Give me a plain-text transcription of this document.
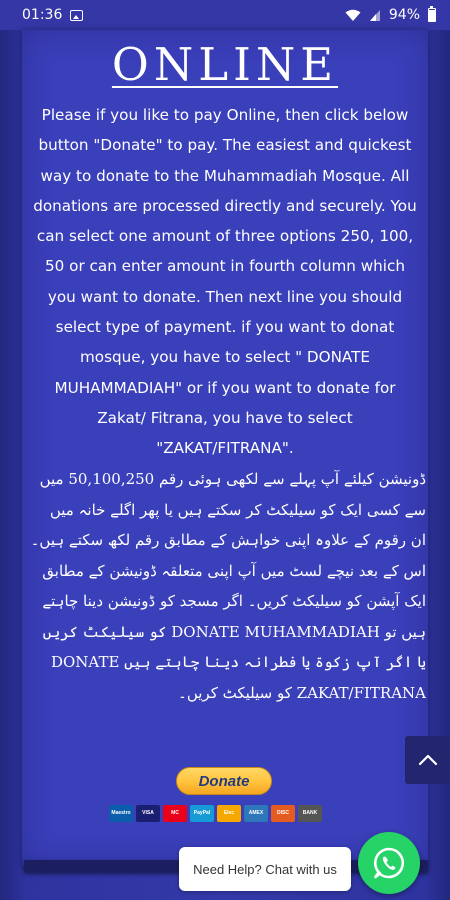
01:36	94%
ONLINE

Please if you like to pay Online, then click below button "Donate" to pay. The easiest and quickest way to donate to the Muhammadiah Mosque. All donations are processed directly and securely. You can select one amount of three options 250, 100, 50 or can enter amount in fourth column which you want to donate. Then next line you should select type of payment. if you want to donat mosque, you have to select " DONATE MUHAMMADIAH" or if you want to donate for Zakat/ Fitrana, you have to select "ZAKAT/FITRANA".

ڈونیشن کیلئے آپ پہلے سے لکھی ہوئی رقم 50,100,250 میں سے کسی ایک کو سیلیکٹ کر سکتے ہیں یا پھر اگلے خانہ میں ان رقوم کے علاوہ اپنی خواہش کے مطابق رقم لکھ سکتے ہیں۔ اس کے بعد نیچے لسٹ میں آپ اپنی متعلقہ ڈونیشن کے مطابق ایک آپشن کو سیلیکٹ کریں۔ اگر مسجد کو ڈونیشن دینا چاہتے ہیں تو DONATE MUHAMMADIAH کو سیلیکٹ کریں یا اگر آپ زکوۃ یا فطرانہ دینا چاہتے ہیں DONATE ZAKAT/FITRANA کو سیلیکٹ کریں۔

Donate
Maestro	VISA	MC	PayPal	Elec	AMEX	DISC	BANK
Need Help? Chat with us
